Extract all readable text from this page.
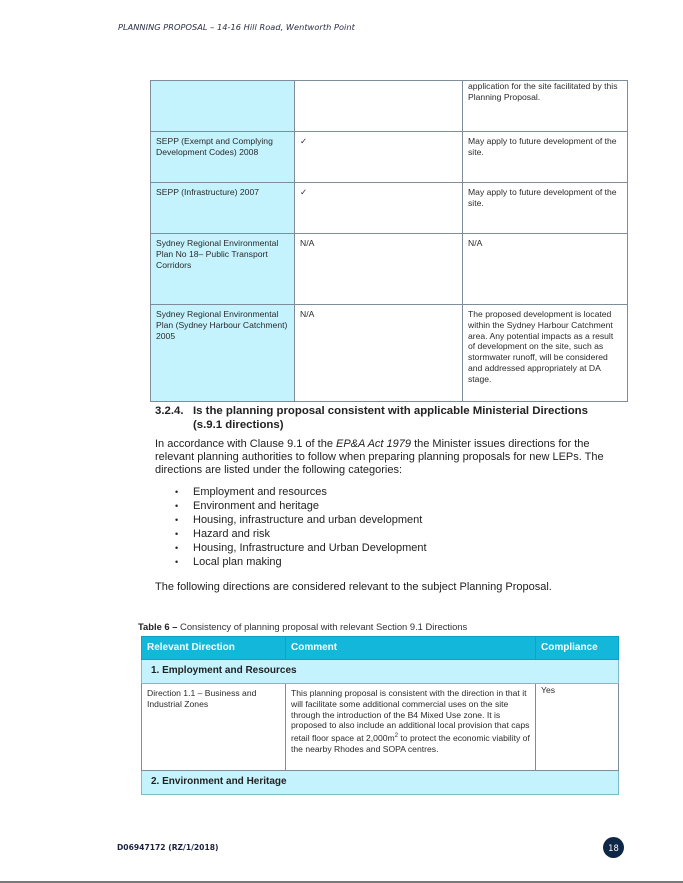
PLANNING PROPOSAL – 14-16 Hill Road, Wentworth Point
		application for the site facilitated by this Planning Proposal.
SEPP (Exempt and Complying Development Codes) 2008	✓	May apply to future development of the site.
SEPP (Infrastructure) 2007	✓	May apply to future development of the site.
Sydney Regional Environmental Plan No 18– Public Transport Corridors	N/A	N/A
Sydney Regional Environmental Plan (Sydney Harbour Catchment) 2005	N/A	The proposed development is located within the Sydney Harbour Catchment area. Any potential impacts as a result of development on the site, such as stormwater runoff, will be considered and addressed appropriately at DA stage.
3.2.4. Is the planning proposal consistent with applicable Ministerial Directions
(s.9.1 directions)

In accordance with Clause 9.1 of the EP&A Act 1979 the Minister issues directions for the relevant planning authorities to follow when preparing planning proposals for new LEPs. The directions are listed under the following categories:

• Employment and resources
• Environment and heritage
• Housing, infrastructure and urban development
• Hazard and risk
• Housing, Infrastructure and Urban Development
• Local plan making

The following directions are considered relevant to the subject Planning Proposal.

Table 6 – Consistency of planning proposal with relevant Section 9.1 Directions
Relevant Direction	Comment	Compliance
1. Employment and Resources		
Direction 1.1 – Business and Industrial Zones	This planning proposal is consistent with the direction in that it will facilitate some additional commercial uses on the site through the introduction of the B4 Mixed Use zone. It is proposed to also include an additional local provision that caps retail floor space at $2,000m^2$ to protect the economic viability of the nearby Rhodes and SOPA centres.	Yes
2. Environment and Heritage		
D06947172 (RZ/1/2018)	18
